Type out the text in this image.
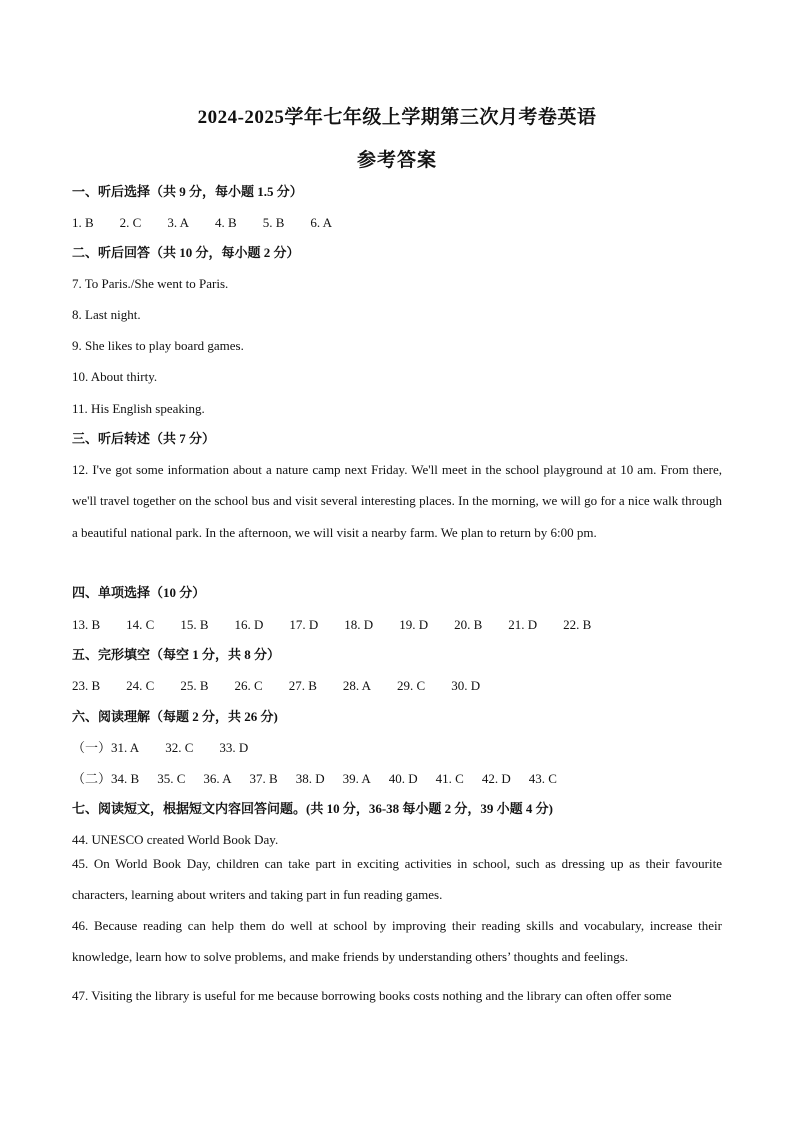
2024-2025学年七年级上学期第三次月考卷英语
参考答案
一、听后选择（共 9 分，每小题 1.5 分）
1. B 2. C 3. A 4. B 5. B 6. A
二、听后回答（共 10 分，每小题 2 分）
7. To Paris./She went to Paris.
8. Last night.
9. She likes to play board games.
10. About thirty.
11. His English speaking.
三、听后转述（共 7 分）
12. I've got some information about a nature camp next Friday. We'll meet in the school playground at 10 am. From there, we'll travel together on the school bus and visit several interesting places. In the morning, we will go for a nice walk through a beautiful national park. In the afternoon, we will visit a nearby farm. We plan to return by 6:00 pm.
四、单项选择（10 分）
13. B 14. C 15. B 16. D 17. D 18. D 19. D 20. B 21. D 22. B
五、完形填空（每空 1 分，共 8 分）
23. B 24. C 25. B 26. C 27. B 28. A 29. C 30. D
六、阅读理解（每题 2 分，共 26 分)
（一）31. A 32. C 33. D
（二）34. B 35. C 36. A 37. B 38. D 39. A 40. D 41. C 42. D 43. C
七、阅读短文，根据短文内容回答问题。(共 10 分，36-38 每小题 2 分，39 小题 4 分)
44. UNESCO created World Book Day.
45. On World Book Day, children can take part in exciting activities in school, such as dressing up as their favourite characters, learning about writers and taking part in fun reading games.
46. Because reading can help them do well at school by improving their reading skills and vocabulary, increase their knowledge, learn how to solve problems, and make friends by understanding others’ thoughts and feelings.
47. Visiting the library is useful for me because borrowing books costs nothing and the library can often offer some
